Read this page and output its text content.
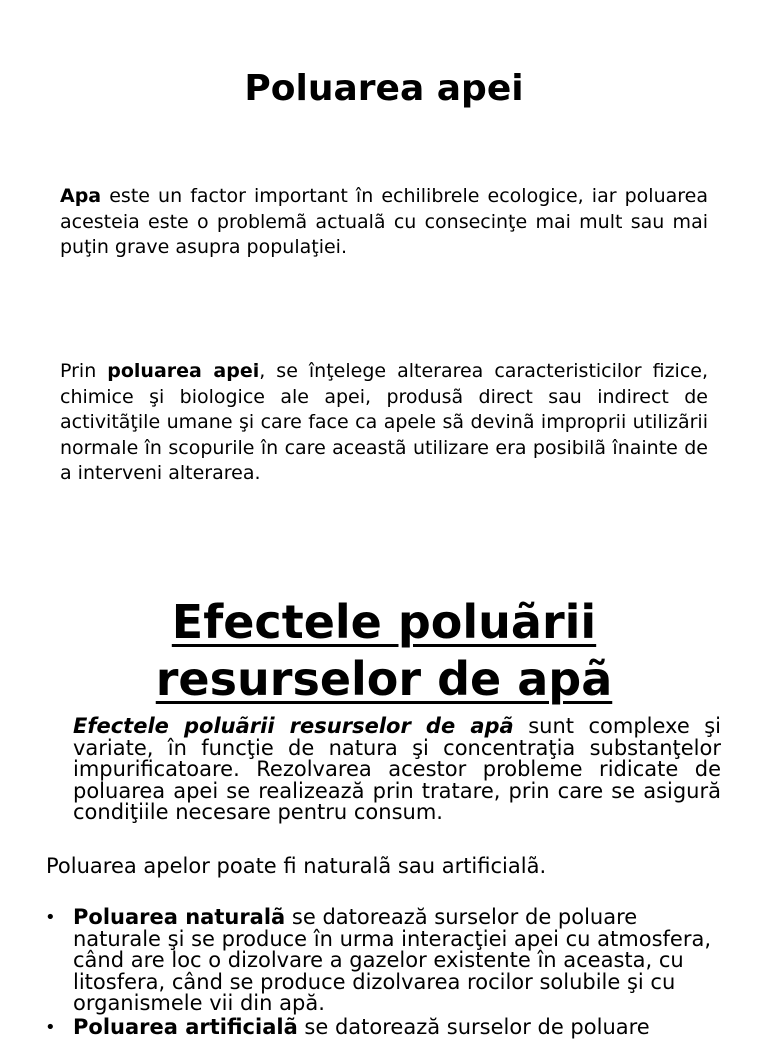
Poluarea apei
Apa este un factor important în echilibrele ecologice, iar poluarea acesteia este o problemã actualã cu consecinţe mai mult sau mai puţin grave asupra populaţiei.
Prin poluarea apei, se înţelege alterarea caracteristicilor fizice, chimice şi biologice ale apei, produsã direct sau indirect de activitãţile umane şi care face ca apele sã devinã improprii utilizãrii normale în scopurile în care aceastã utilizare era posibilã înainte de a interveni alterarea.
Efectele poluãrii
resurselor de apã
Efectele poluãrii resurselor de apã sunt complexe şi variate, în funcţie de natura şi concentraţia substanţelor impurificatoare. Rezolvarea acestor probleme ridicate de poluarea apei se realizează prin tratare, prin care se asigură condiţiile necesare pentru consum.
Poluarea apelor poate fi naturalã sau artificialã.
• Poluarea naturalã se datorează surselor de poluare naturale şi se produce în urma interacţiei apei cu atmosfera, când are loc o dizolvare a gazelor existente în aceasta, cu litosfera, când se produce dizolvarea rocilor solubile şi cu organismele vii din apă.
• Poluarea artificialã se datorează surselor de poluare
